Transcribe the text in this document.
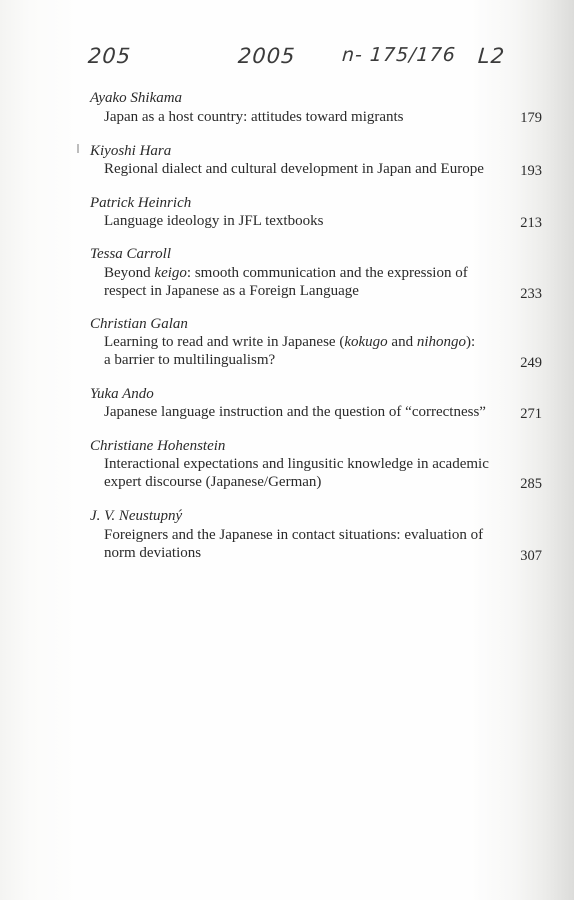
205	2005 n- 175/176 L2
Ayako Shikama
Japan as a host country: attitudes toward migrants	179
Kiyoshi Hara
Regional dialect and cultural development in Japan and Europe	193
Patrick Heinrich
Language ideology in JFL textbooks	213
Tessa Carroll
Beyond keigo: smooth communication and the expression of
respect in Japanese as a Foreign Language	233
Christian Galan
Learning to read and write in Japanese (kokugo and nihongo):
a barrier to multilingualism?	249
Yuka Ando
Japanese language instruction and the question of “correctness” 271
Christiane Hohenstein
Interactional expectations and lingusitic knowledge in academic
expert discourse (Japanese/German)	285
J. V. Neustupný
Foreigners and the Japanese in contact situations: evaluation of
norm deviations	307
